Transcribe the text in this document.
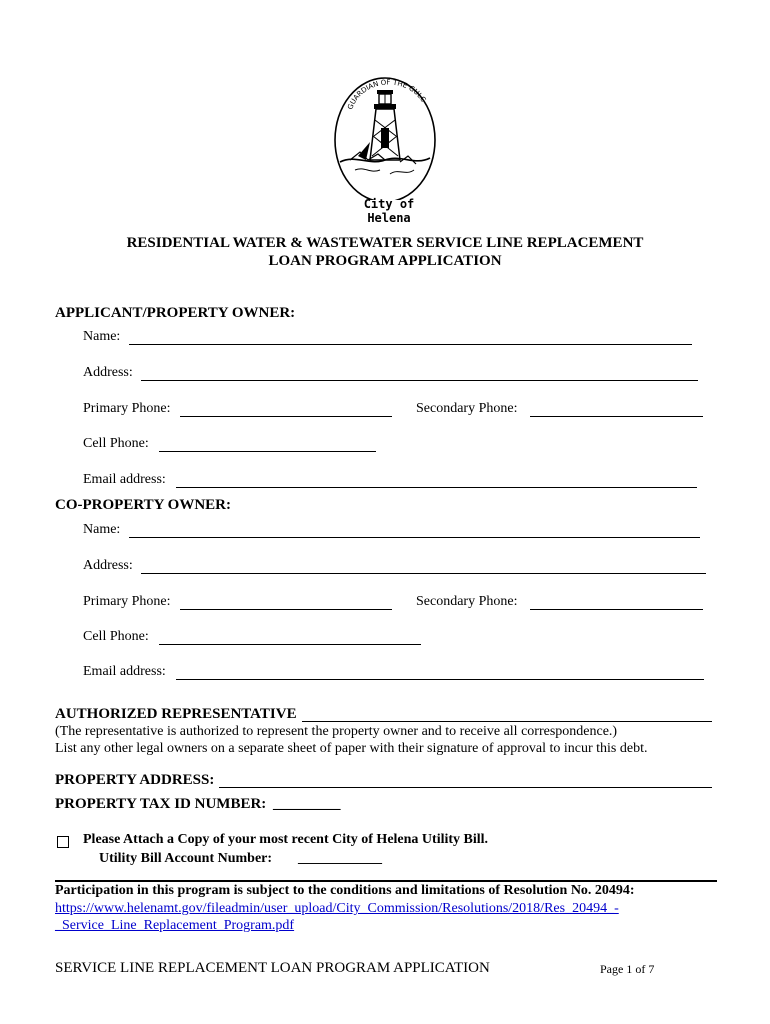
GUARDIAN OF THE GULC
City of Helena
RESIDENTIAL WATER & WASTEWATER SERVICE LINE REPLACEMENT
LOAN PROGRAM APPLICATION
APPLICANT/PROPERTY OWNER:
Name:
Address:
Primary Phone:	Secondary Phone:
Cell Phone:
Email address:
CO-PROPERTY OWNER:
Name:
Address:
Primary Phone:	Secondary Phone:
Cell Phone:
Email address:
AUTHORIZED REPRESENTATIVE
(The representative is authorized to represent the property owner and to receive all correspondence.)
List any other legal owners on a separate sheet of paper with their signature of approval to incur this debt.
PROPERTY ADDRESS:
PROPERTY TAX ID NUMBER: _________
Please Attach a Copy of your most recent City of Helena Utility Bill.
Utility Bill Account Number: ____________
Participation in this program is subject to the conditions and limitations of Resolution No. 20494:
https://www.helenamt.gov/fileadmin/user_upload/City_Commission/Resolutions/2018/Res_20494_-
_Service_Line_Replacement_Program.pdf
SERVICE LINE REPLACEMENT LOAN PROGRAM APPLICATION	Page 1 of 7
